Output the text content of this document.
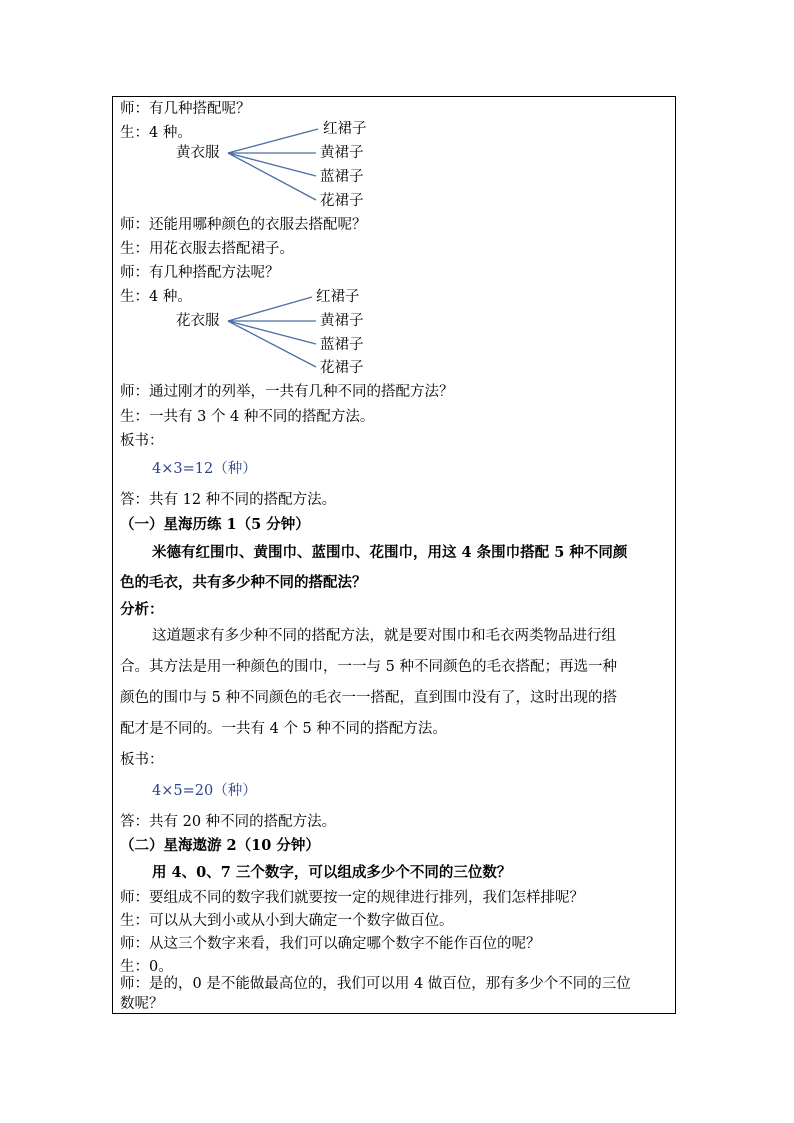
师：有几种搭配呢？
生：4 种。
黄衣服
红裙子
黄裙子
蓝裙子
花裙子
师：还能用哪种颜色的衣服去搭配呢？
生：用花衣服去搭配裙子。
师：有几种搭配方法呢？
生：4 种。
花衣服
红裙子
黄裙子
蓝裙子
花裙子
师：通过刚才的列举，一共有几种不同的搭配方法？
生：一共有 3 个 4 种不同的搭配方法。
板书：
4×3=12（种）
答：共有 12 种不同的搭配方法。
（一）星海历练 1（5 分钟）
米德有红围巾、黄围巾、蓝围巾、花围巾，用这 4 条围巾搭配 5 种不同颜
色的毛衣，共有多少种不同的搭配法？
分析：
这道题求有多少种不同的搭配方法，就是要对围巾和毛衣两类物品进行组
合。其方法是用一种颜色的围巾，一一与 5 种不同颜色的毛衣搭配；再选一种
颜色的围巾与 5 种不同颜色的毛衣一一搭配，直到围巾没有了，这时出现的搭
配才是不同的。一共有 4 个 5 种不同的搭配方法。
板书：
4×5=20（种）
答：共有 20 种不同的搭配方法。
（二）星海遨游 2（10 分钟）
用 4、0、7 三个数字，可以组成多少个不同的三位数？
师：要组成不同的数字我们就要按一定的规律进行排列，我们怎样排呢？
生：可以从大到小或从小到大确定一个数字做百位。
师：从这三个数字来看，我们可以确定哪个数字不能作百位的呢？
生：0。
师：是的，0 是不能做最高位的，我们可以用 4 做百位，那有多少个不同的三位
数呢？
